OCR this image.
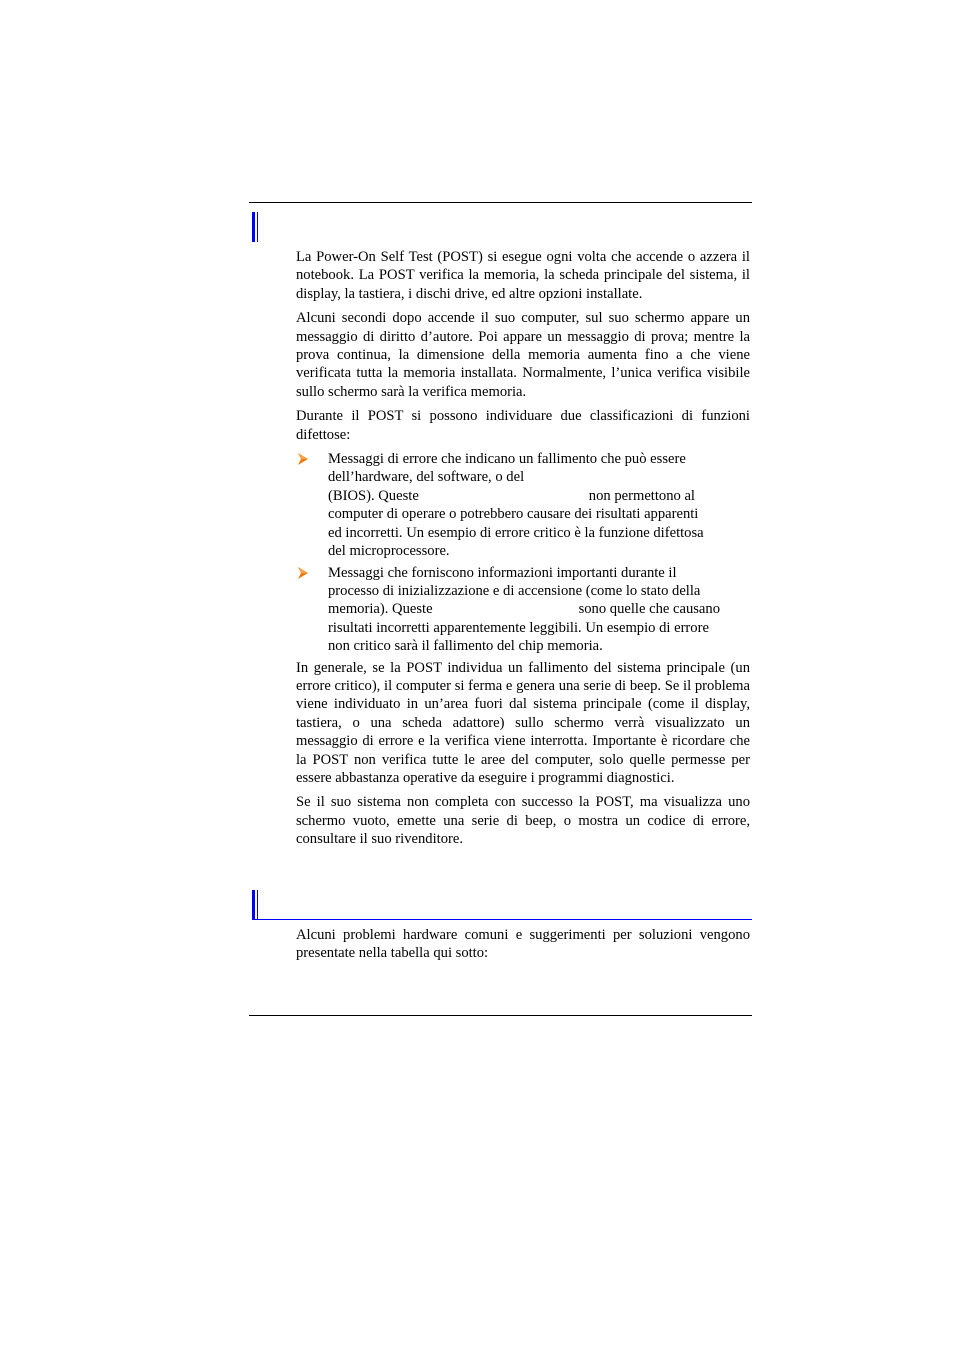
La Power-On Self Test (POST) si esegue ogni volta che accende o azzera il notebook. La POST verifica la memoria, la scheda principale del sistema, il display, la tastiera, i dischi drive, ed altre opzioni installate.

Alcuni secondi dopo accende il suo computer, sul suo schermo appare un messaggio di diritto d’autore. Poi appare un messaggio di prova; mentre la prova continua, la dimensione della memoria aumenta fino a che viene verificata tutta la memoria installata. Normalmente, l’unica verifica visibile sullo schermo sarà la verifica memoria.

Durante il POST si possono individuare due classificazioni di funzioni difettose:

Messaggi di errore che indicano un fallimento che può essere
dell’hardware, del software, o del
(BIOS). Queste	non permettono al
computer di operare o potrebbero causare dei risultati apparenti
ed incorretti. Un esempio di errore critico è la funzione difettosa
del microprocessore.
Messaggi che forniscono informazioni importanti durante il
processo di inizializzazione e di accensione (come lo stato della
memoria). Queste	sono quelle che causano
risultati incorretti apparentemente leggibili. Un esempio di errore
non critico sarà il fallimento del chip memoria.

In generale, se la POST individua un fallimento del sistema principale (un errore critico), il computer si ferma e genera una serie di beep. Se il problema viene individuato in un’area fuori dal sistema principale (come il display, tastiera, o una scheda adattore) sullo schermo verrà visualizzato un messaggio di errore e la verifica viene interrotta. Importante è ricordare che la POST non verifica tutte le aree del computer, solo quelle permesse per essere abbastanza operative da eseguire i programmi diagnostici.

Se il suo sistema non completa con successo la POST, ma visualizza uno schermo vuoto, emette una serie di beep, o mostra un codice di errore, consultare il suo rivenditore.

Alcuni problemi hardware comuni e suggerimenti per soluzioni vengono presentate nella tabella qui sotto:
